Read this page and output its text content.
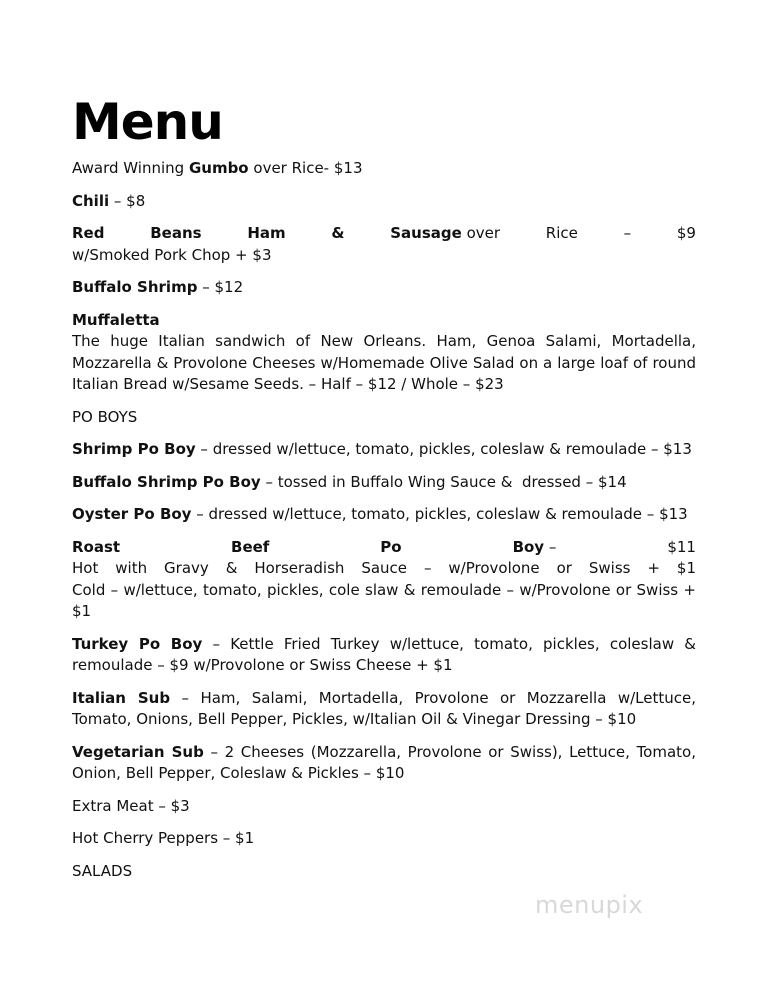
Menu

Award Winning Gumbo over Rice- $13

Chili – $8

Red	Beans	Ham	&	Sausage over	Rice	–	$9
w/Smoked Pork Chop + $3

Buffalo Shrimp – $12

Muffaletta
The huge Italian sandwich of New Orleans. Ham, Genoa Salami, Mortadella, Mozzarella & Provolone Cheeses w/Homemade Olive Salad on a large loaf of round Italian Bread w/Sesame Seeds. – Half – $12 / Whole – $23

PO BOYS

Shrimp Po Boy – dressed w/lettuce, tomato, pickles, coleslaw & remoulade – $13

Buffalo Shrimp Po Boy – tossed in Buffalo Wing Sauce &  dressed – $14

Oyster Po Boy – dressed w/lettuce, tomato, pickles, coleslaw & remoulade – $13

Roast	Beef	Po	Boy –	$11
Hot with Gravy & Horseradish Sauce – w/Provolone or Swiss + $1
Cold – w/lettuce, tomato, pickles, cole slaw & remoulade – w/Provolone or Swiss + $1

Turkey Po Boy – Kettle Fried Turkey w/lettuce, tomato, pickles, coleslaw & remoulade – $9 w/Provolone or Swiss Cheese + $1

Italian Sub – Ham, Salami, Mortadella, Provolone or Mozzarella w/Lettuce, Tomato, Onions, Bell Pepper, Pickles, w/Italian Oil & Vinegar Dressing – $10

Vegetarian Sub – 2 Cheeses (Mozzarella, Provolone or Swiss), Lettuce, Tomato, Onion, Bell Pepper, Coleslaw & Pickles – $10

Extra Meat – $3

Hot Cherry Peppers – $1

SALADS

menupix
